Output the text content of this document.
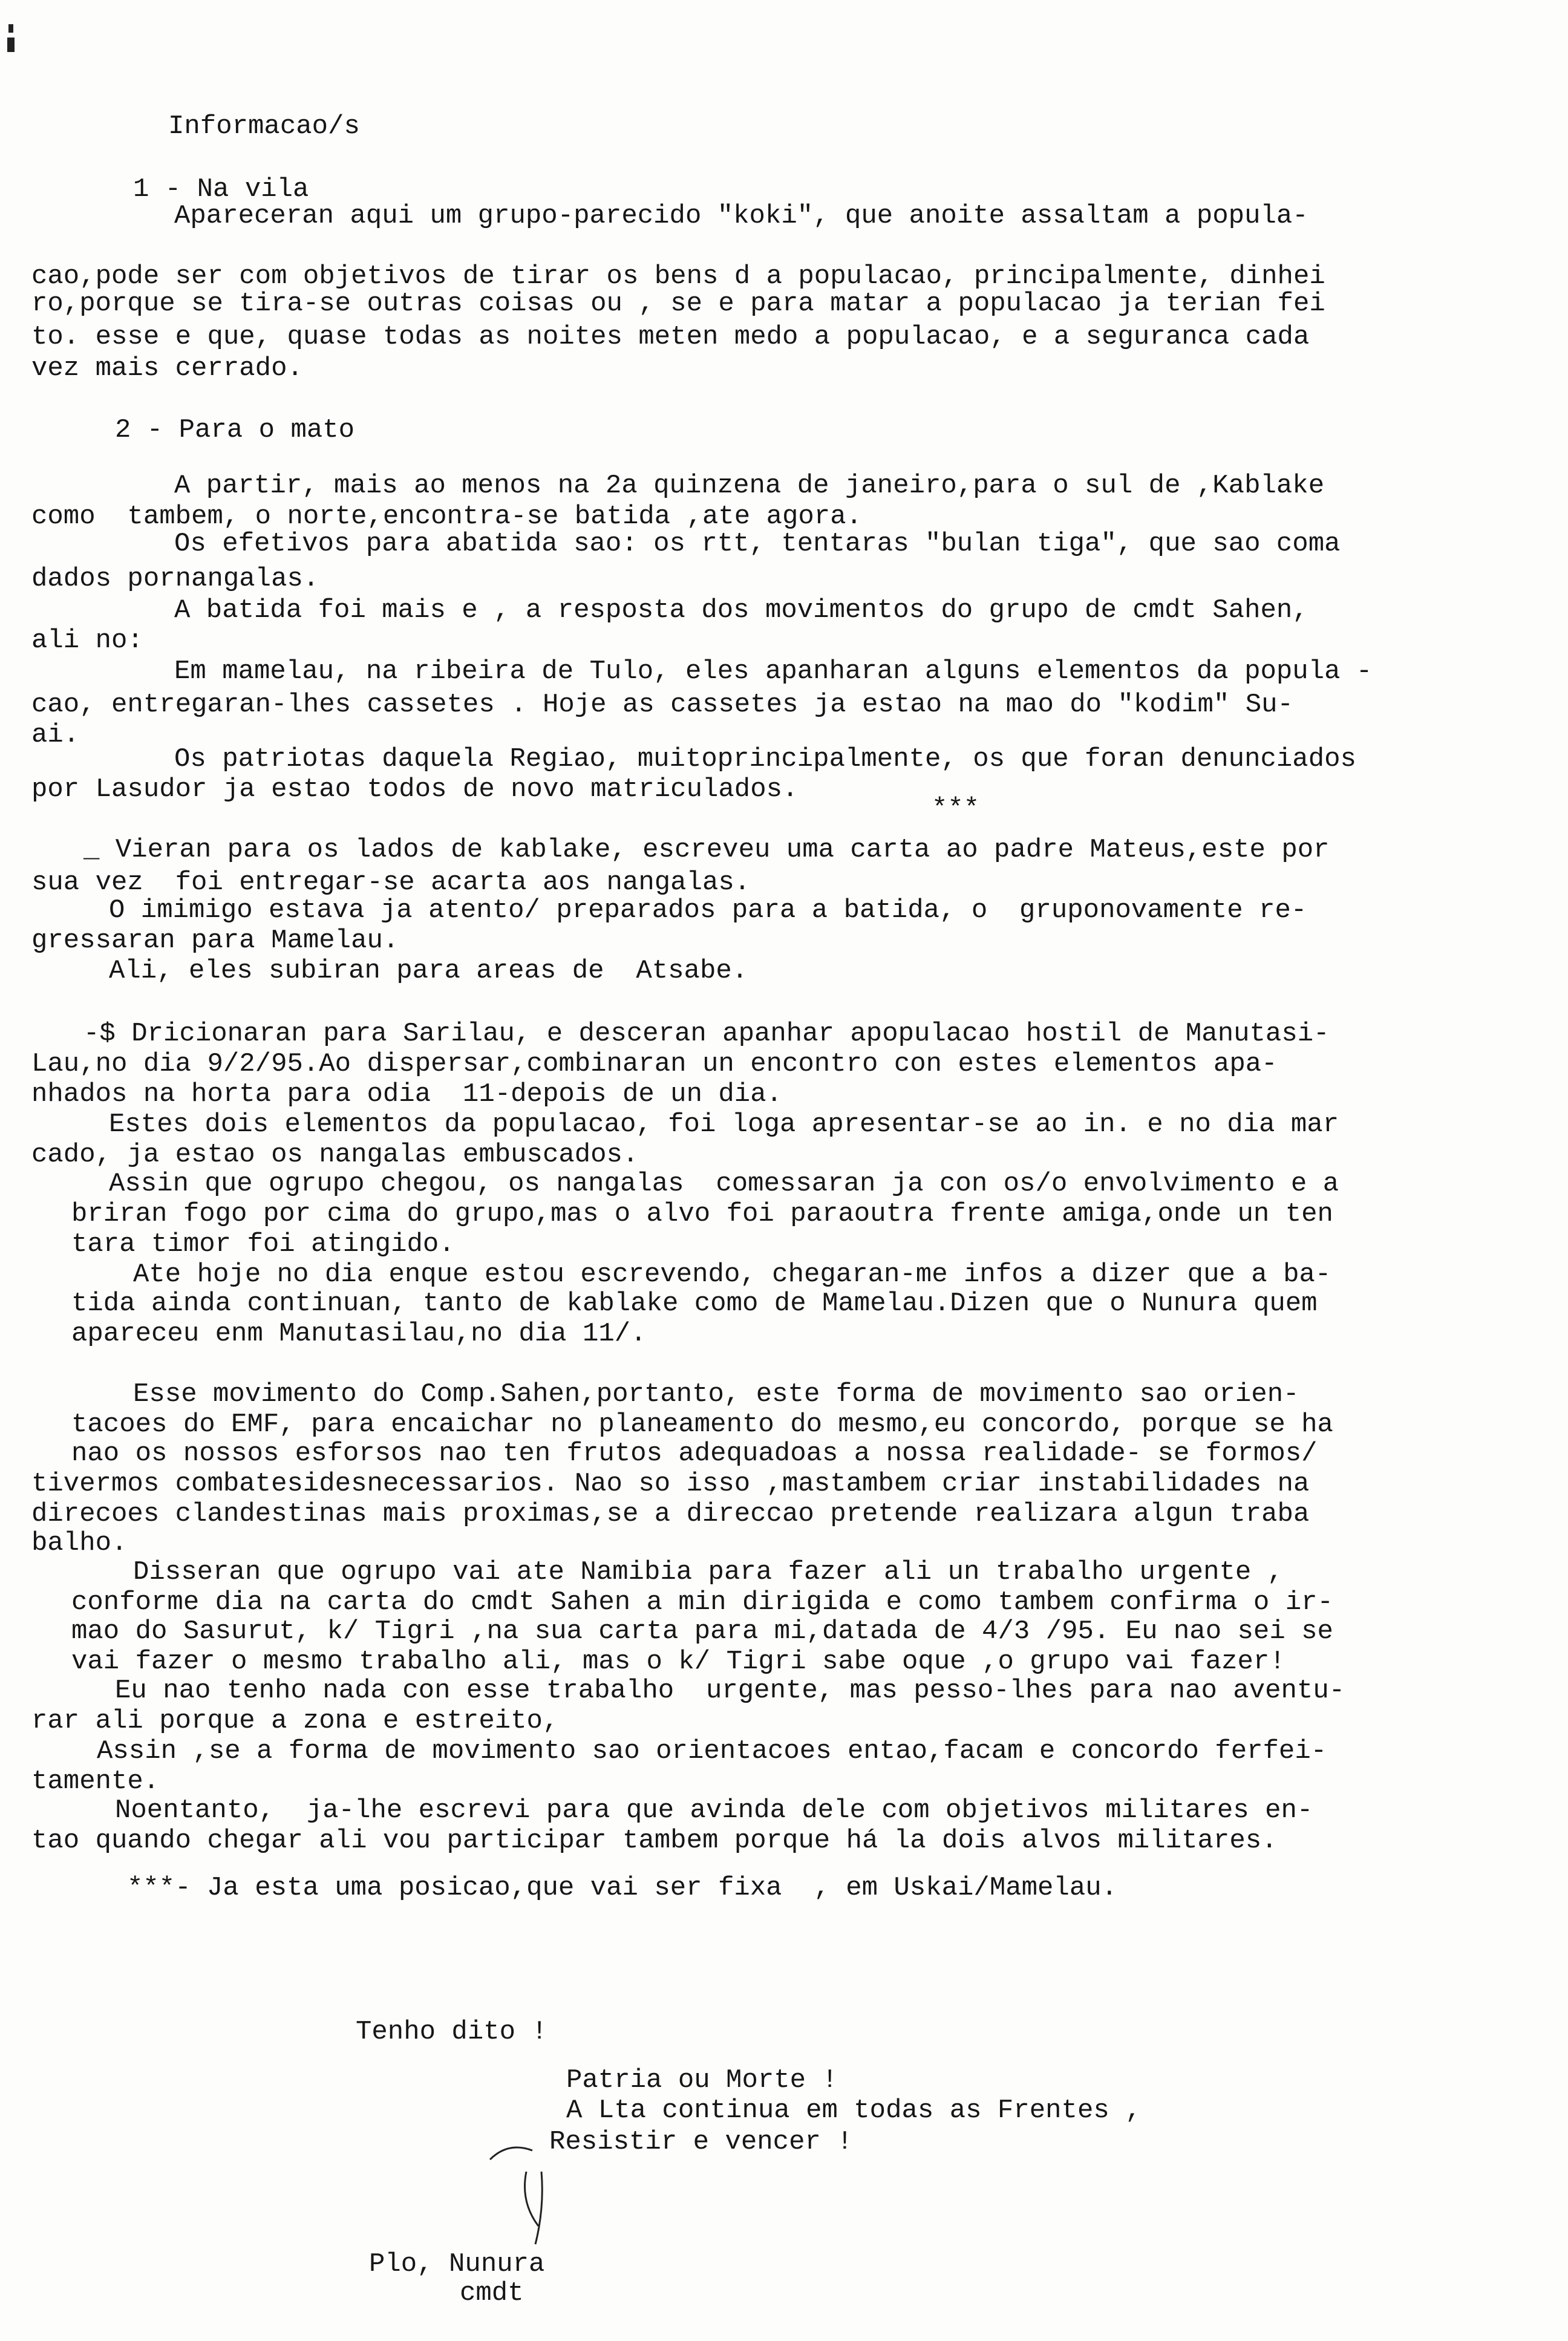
Informacao/s
1 - Na vila
Apareceran aqui um grupo-parecido "koki", que anoite assaltam a popula-
cao,pode ser com objetivos de tirar os bens d a populacao, principalmente, dinhei
ro,porque se tira-se outras coisas ou , se e para matar a populacao ja terian fei
to. esse e que, quase todas as noites meten medo a populacao, e a seguranca cada
vez mais cerrado.
2 - Para o mato
A partir, mais ao menos na 2a quinzena de janeiro,para o sul de ,Kablake
como  tambem, o norte,encontra-se batida ,ate agora.
Os efetivos para abatida sao: os rtt, tentaras "bulan tiga", que sao coma
dados pornangalas.
A batida foi mais e , a resposta dos movimentos do grupo de cmdt Sahen,
ali no:
Em mamelau, na ribeira de Tulo, eles apanharan alguns elementos da popula -
cao, entregaran-lhes cassetes . Hoje as cassetes ja estao na mao do "kodim" Su-
ai.
Os patriotas daquela Regiao, muitoprincipalmente, os que foran denunciados
por Lasudor ja estao todos de novo matriculados.
***
_ Vieran para os lados de kablake, escreveu uma carta ao padre Mateus,este por
sua vez  foi entregar-se acarta aos nangalas.
O imimigo estava ja atento/ preparados para a batida, o  gruponovamente re-
gressaran para Mamelau.
Ali, eles subiran para areas de  Atsabe.
-$ Dricionaran para Sarilau, e desceran apanhar apopulacao hostil de Manutasi-
Lau,no dia 9/2/95.Ao dispersar,combinaran un encontro con estes elementos apa-
nhados na horta para odia  11-depois de un dia.
Estes dois elementos da populacao, foi loga apresentar-se ao in. e no dia mar
cado, ja estao os nangalas embuscados.
Assin que ogrupo chegou, os nangalas  comessaran ja con os/o envolvimento e a
briran fogo por cima do grupo,mas o alvo foi paraoutra frente amiga,onde un ten
tara timor foi atingido.
Ate hoje no dia enque estou escrevendo, chegaran-me infos a dizer que a ba-
tida ainda continuan, tanto de kablake como de Mamelau.Dizen que o Nunura quem
apareceu enm Manutasilau,no dia 11/.
Esse movimento do Comp.Sahen,portanto, este forma de movimento sao orien-
tacoes do EMF, para encaichar no planeamento do mesmo,eu concordo, porque se ha
nao os nossos esforsos nao ten frutos adequadoas a nossa realidade- se formos/
tivermos combatesidesnecessarios. Nao so isso ,mastambem criar instabilidades na
direcoes clandestinas mais proximas,se a direccao pretende realizara algun traba
balho.
Disseran que ogrupo vai ate Namibia para fazer ali un trabalho urgente ,
conforme dia na carta do cmdt Sahen a min dirigida e como tambem confirma o ir-
mao do Sasurut, k/ Tigri ,na sua carta para mi,datada de 4/3 /95. Eu nao sei se
vai fazer o mesmo trabalho ali, mas o k/ Tigri sabe oque ,o grupo vai fazer!
Eu nao tenho nada con esse trabalho  urgente, mas pesso-lhes para nao aventu-
rar ali porque a zona e estreito,
Assin ,se a forma de movimento sao orientacoes entao,facam e concordo ferfei-
tamente.
Noentanto,  ja-lhe escrevi para que avinda dele com objetivos militares en-
tao quando chegar ali vou participar tambem porque há la dois alvos militares.
***- Ja esta uma posicao,que vai ser fixa  , em Uskai/Mamelau.
Tenho dito !
Patria ou Morte !
A Lta continua em todas as Frentes ,
Resistir e vencer !
Plo, Nunura
cmdt
